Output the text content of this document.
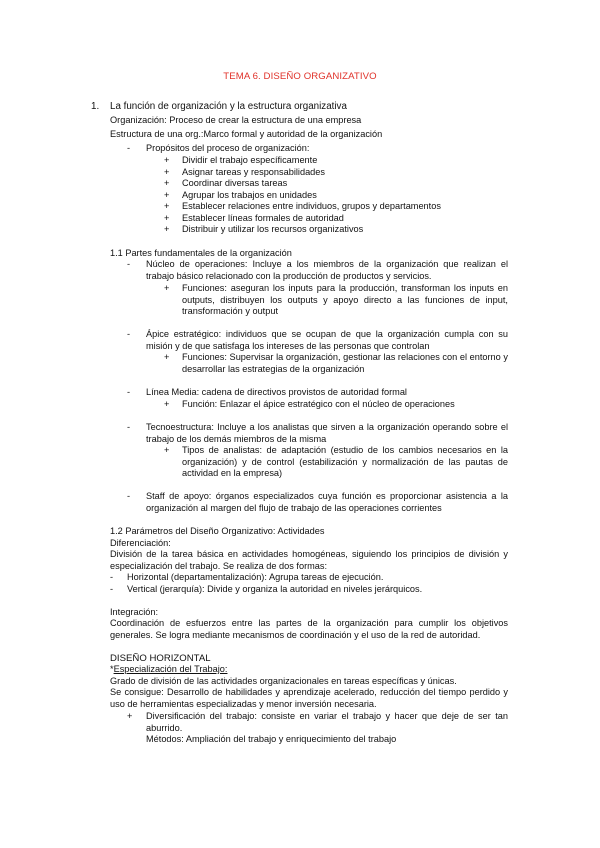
TEMA 6. DISEÑO ORGANIZATIVO
1. La función de organización y la estructura organizativa
Organización: Proceso de crear la estructura de una empresa
Estructura de una org.:Marco formal y autoridad de la organización
- Propósitos del proceso de organización:
+ Dividir el trabajo específicamente
+ Asignar tareas y responsabilidades
+ Coordinar diversas tareas
+ Agrupar los trabajos en unidades
+ Establecer relaciones entre individuos, grupos y departamentos
+ Establecer líneas formales de autoridad
+ Distribuir y utilizar los recursos organizativos
1.1 Partes fundamentales de la organización
- Núcleo de operaciones: Incluye a los miembros de la organización que realizan el trabajo básico relacionado con la producción de productos y servicios.
+ Funciones: aseguran los inputs para la producción, transforman los inputs en outputs, distribuyen los outputs y apoyo directo a las funciones de input, transformación y output
- Ápice estratégico: individuos que se ocupan de que la organización cumpla con su misión y de que satisfaga los intereses de las personas que controlan
+ Funciones: Supervisar la organización, gestionar las relaciones con el entorno y desarrollar las estrategias de la organización
- Línea Media: cadena de directivos provistos de autoridad formal
+ Función: Enlazar el ápice estratégico con el núcleo de operaciones
- Tecnoestructura: Incluye a los analistas que sirven a la organización operando sobre el trabajo de los demás miembros de la misma
+ Tipos de analistas: de adaptación (estudio de los cambios necesarios en la organización) y de control (estabilización y normalización de las pautas de actividad en la empresa)
- Staff de apoyo: órganos especializados cuya función es proporcionar asistencia a la organización al margen del flujo de trabajo de las operaciones corrientes
1.2 Parámetros del Diseño Organizativo: Actividades
Diferenciación:
División de la tarea básica en actividades homogéneas, siguiendo los principios de división y especialización del trabajo. Se realiza de dos formas:
- Horizontal (departamentalización): Agrupa tareas de ejecución.
- Vertical (jerarquía): Divide y organiza la autoridad en niveles jerárquicos.
Integración:
Coordinación de esfuerzos entre las partes de la organización para cumplir los objetivos generales. Se logra mediante mecanismos de coordinación y el uso de la red de autoridad.
DISEÑO HORIZONTAL
*Especialización del Trabajo:
Grado de división de las actividades organizacionales en tareas específicas y únicas.
Se consigue: Desarrollo de habilidades y aprendizaje acelerado, reducción del tiempo perdido y uso de herramientas especializadas y menor inversión necesaria.
+ Diversificación del trabajo: consiste en variar el trabajo y hacer que deje de ser tan aburrido.
Métodos: Ampliación del trabajo y enriquecimiento del trabajo
